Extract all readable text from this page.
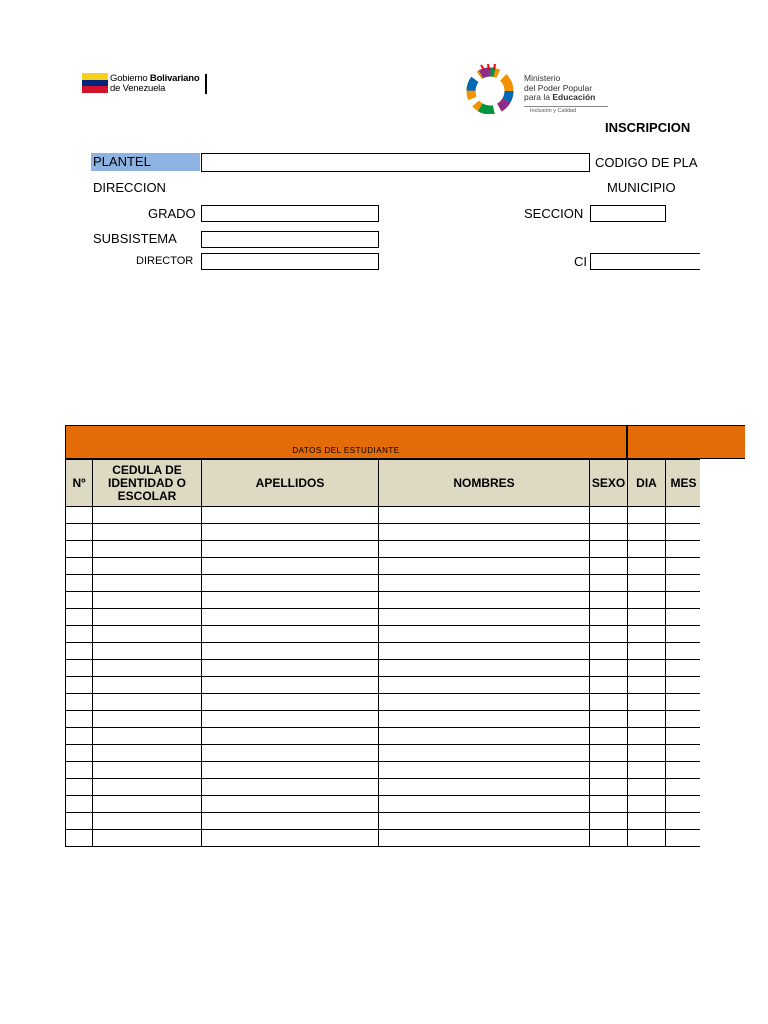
Gobierno Bolivariano
de Venezuela
Ministerio
del Poder Popular
para la Educación
Inclusión y Calidad
INSCRIPCION
PLANTEL	CODIGO DE PLA
DIRECCION	MUNICIPIO
GRADO	SECCION
SUBSISTEMA
DIRECTOR	CI
DATOS DEL ESTUDIANTE
Nº	CEDULA DE IDENTIDAD O ESCOLAR	APELLIDOS	NOMBRES	SEXO	DIA	MES
